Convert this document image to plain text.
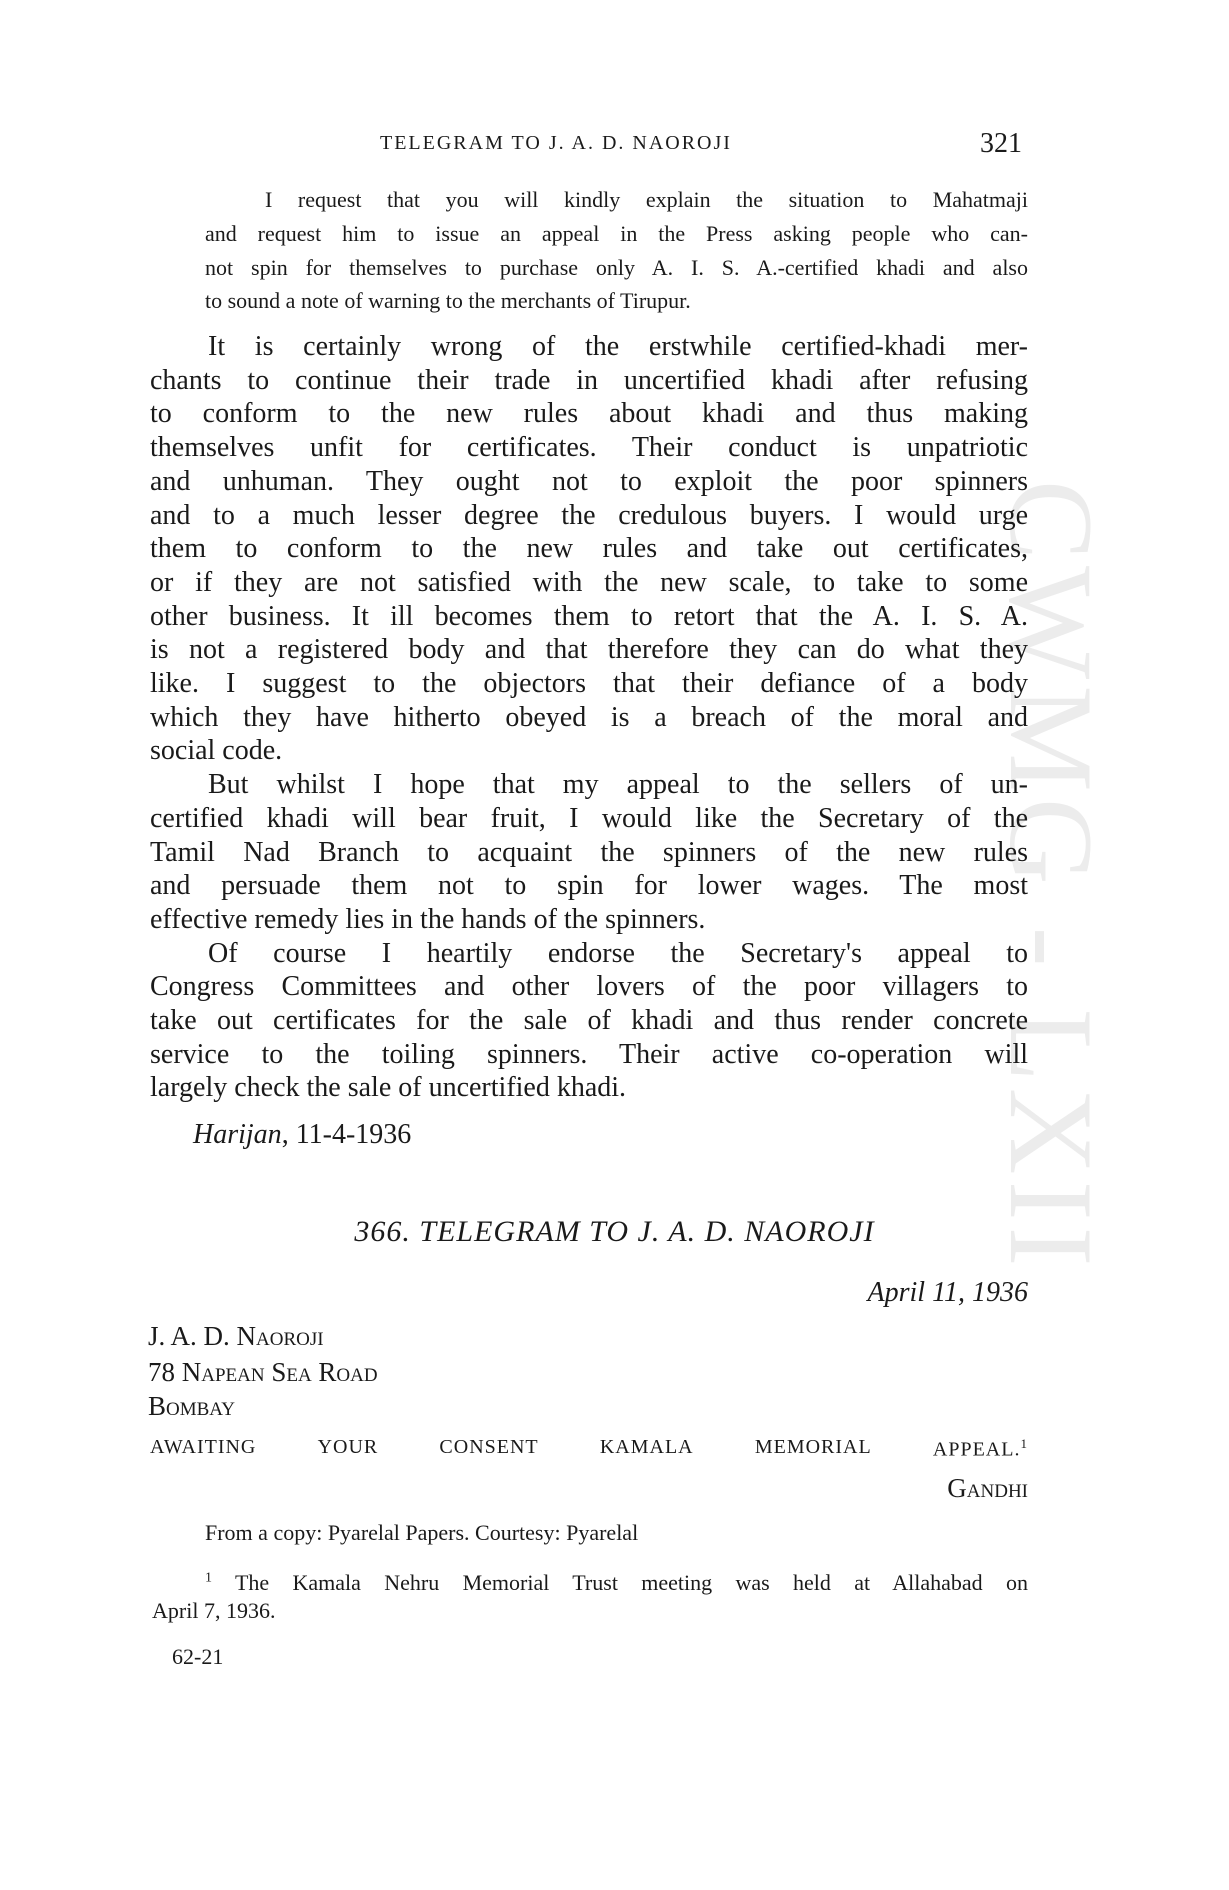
CWMG - LXII
TELEGRAM TO J. A. D. NAOROJI	321
I request that you will kindly explain the situation to Mahatmaji
and request him to issue an appeal in the Press asking people who can-
not spin for themselves to purchase only A. I. S. A.-certified khadi and also
to sound a note of warning to the merchants of Tirupur.
It is certainly wrong of the erstwhile certified-khadi mer-
chants to continue their trade in uncertified khadi after refusing
to conform to the new rules about khadi and thus making
themselves unfit for certificates. Their conduct is unpatriotic
and unhuman. They ought not to exploit the poor spinners
and to a much lesser degree the credulous buyers. I would urge
them to conform to the new rules and take out certificates,
or if they are not satisfied with the new scale, to take to some
other business. It ill becomes them to retort that the A. I. S. A.
is not a registered body and that therefore they can do what they
like. I suggest to the objectors that their defiance of a body
which they have hitherto obeyed is a breach of the moral and
social code.
But whilst I hope that my appeal to the sellers of un-
certified khadi will bear fruit, I would like the Secretary of the
Tamil Nad Branch to acquaint the spinners of the new rules
and persuade them not to spin for lower wages. The most
effective remedy lies in the hands of the spinners.
Of course I heartily endorse the Secretary's appeal to
Congress Committees and other lovers of the poor villagers to
take out certificates for the sale of khadi and thus render concrete
service to the toiling spinners. Their active co-operation will
largely check the sale of uncertified khadi.
Harijan, 11-4-1936
366. TELEGRAM TO J. A. D. NAOROJI
April 11, 1936
J. A. D. Naoroji
78 Napean Sea Road
Bombay
AWAITING	YOUR	CONSENT	KAMALA	MEMORIAL	APPEAL.$^1$
Gandhi
From a copy: Pyarelal Papers. Courtesy: Pyarelal
$^1$ The Kamala Nehru Memorial Trust meeting was held at Allahabad on
April 7, 1936.
62-21
